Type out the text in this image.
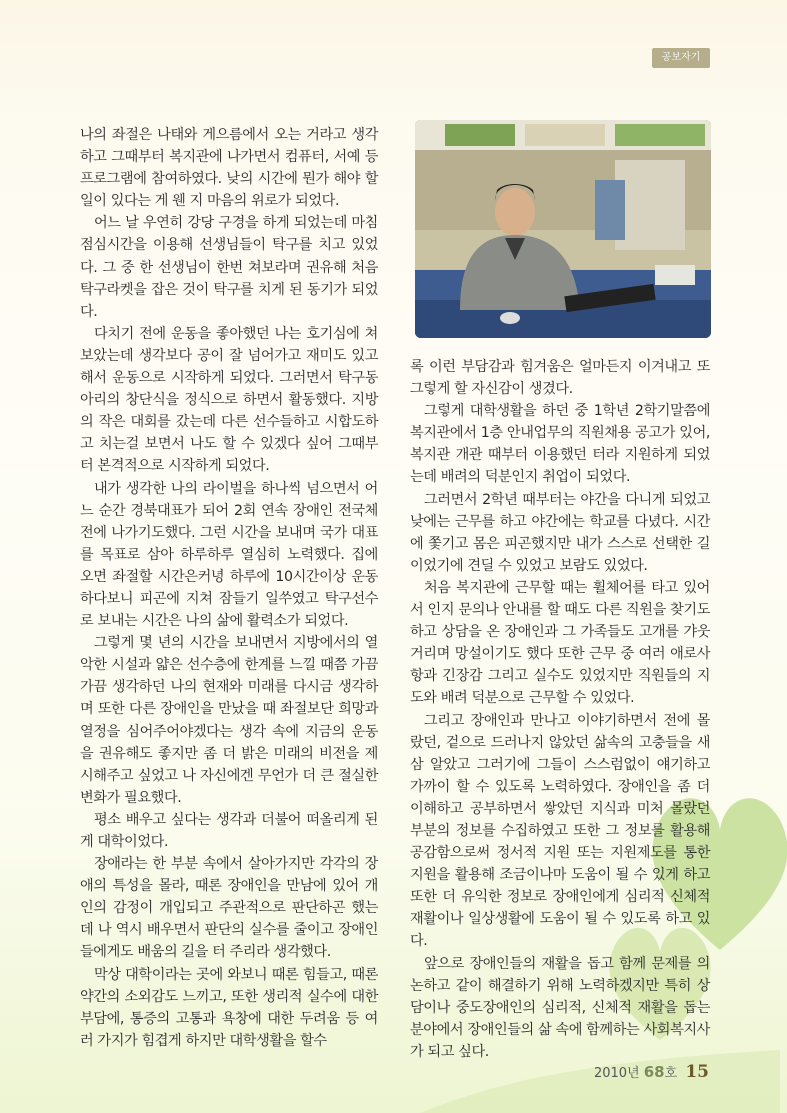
공보자기

나의 좌절은 나태와 게으름에서 오는 거라고 생각하고 그때부터 복지관에 나가면서 컴퓨터, 서예 등 프로그램에 참여하였다. 낮의 시간에 뭔가 해야 할일이 있다는 게 웬 지 마음의 위로가 되었다.

어느 날 우연히 강당 구경을 하게 되었는데 마침 점심시간을 이용해 선생님들이 탁구를 치고 있었다. 그 중 한 선생님이 한번 쳐보라며 권유해 처음 탁구라켓을 잡은 것이 탁구를 치게 된 동기가 되었다.

다치기 전에 운동을 좋아했던 나는 호기심에 쳐보았는데 생각보다 공이 잘 넘어가고 재미도 있고 해서 운동으로 시작하게 되었다. 그러면서 탁구동아리의 창단식을 정식으로 하면서 활동했다. 지방의 작은 대회를 갔는데 다른 선수들하고 시합도하고 치는걸 보면서 나도 할 수 있겠다 싶어 그때부터 본격적으로 시작하게 되었다.

내가 생각한 나의 라이벌을 하나씩 넘으면서 어느 순간 경북대표가 되어 2회 연속 장애인 전국체전에 나가기도했다. 그런 시간을 보내며 국가 대표를 목표로 삼아 하루하루 열심히 노력했다. 집에 오면 좌절할 시간은커녕 하루에 10시간이상 운동하다보니 피곤에 지쳐 잠들기 일쑤였고 탁구선수로 보내는 시간은 나의 삶에 활력소가 되었다.

그렇게 몇 년의 시간을 보내면서 지방에서의 열악한 시설과 얇은 선수층에 한계를 느낄 때쯤 가끔가끔 생각하던 나의 현재와 미래를 다시금 생각하며 또한 다른 장애인을 만났을 때 좌절보단 희망과 열정을 심어주어야겠다는 생각 속에 지금의 운동을 권유해도 좋지만 좀 더 밝은 미래의 비전을 제시해주고 싶었고 나 자신에겐 무언가 더 큰 절실한 변화가 필요했다.

평소 배우고 싶다는 생각과 더불어 떠올리게 된 게 대학이었다.

장애라는 한 부분 속에서 살아가지만 각각의 장애의 특성을 몰라, 때론 장애인을 만남에 있어 개인의 감정이 개입되고 주관적으로 판단하곤 했는데 나 역시 배우면서 판단의 실수를 줄이고 장애인들에게도 배움의 길을 터 주리라 생각했다.

막상 대학이라는 곳에 와보니 때론 힘들고, 때론 약간의 소외감도 느끼고, 또한 생리적 실수에 대한 부담에, 통증의 고통과 욕창에 대한 두려움 등 여러 가지가 힘겹게 하지만 대학생활을 할수

록 이런 부담감과 힘겨움은 얼마든지 이겨내고 또 그렇게 할 자신감이 생겼다.

그렇게 대학생활을 하던 중 1학년 2학기말쯤에 복지관에서 1층 안내업무의 직원채용 공고가 있어, 복지관 개관 때부터 이용했던 터라 지원하게 되었는데 배려의 덕분인지 취업이 되었다.

그러면서 2학년 때부터는 야간을 다니게 되었고 낮에는 근무를 하고 야간에는 학교를 다녔다. 시간에 쫓기고 몸은 피곤했지만 내가 스스로 선택한 길이었기에 견딜 수 있었고 보람도 있었다.

처음 복지관에 근무할 때는 휠체어를 타고 있어서 인지 문의나 안내를 할 때도 다른 직원을 찾기도 하고 상담을 온 장애인과 그 가족들도 고개를 갸웃거리며 망설이기도 했다 또한 근무 중 여러 애로사항과 긴장감 그리고 실수도 있었지만 직원들의 지도와 배려 덕분으로 근무할 수 있었다.

그리고 장애인과 만나고 이야기하면서 전에 몰랐던, 겉으로 드러나지 않았던 삶속의 고충들을 새삼 알았고 그러기에 그들이 스스럼없이 얘기하고 가까이 할 수 있도록 노력하였다. 장애인을 좀 더 이해하고 공부하면서 쌓았던 지식과 미처 몰랐던 부분의 정보를 수집하였고 또한 그 정보를 활용해 공감함으로써 정서적 지원 또는 지원제도를 통한 지원을 활용해 조금이나마 도움이 될 수 있게 하고 또한 더 유익한 정보로 장애인에게 심리적 신체적 재활이나 일상생활에 도움이 될 수 있도록 하고 있다.

앞으로 장애인들의 재활을 돕고 함께 문제를 의논하고 같이 해결하기 위해 노력하겠지만 특히 상담이나 중도장애인의 심리적, 신체적 재활을 돕는 분야에서 장애인들의 삶 속에 함께하는 사회복지사가 되고 싶다.

2010년 68호 15
